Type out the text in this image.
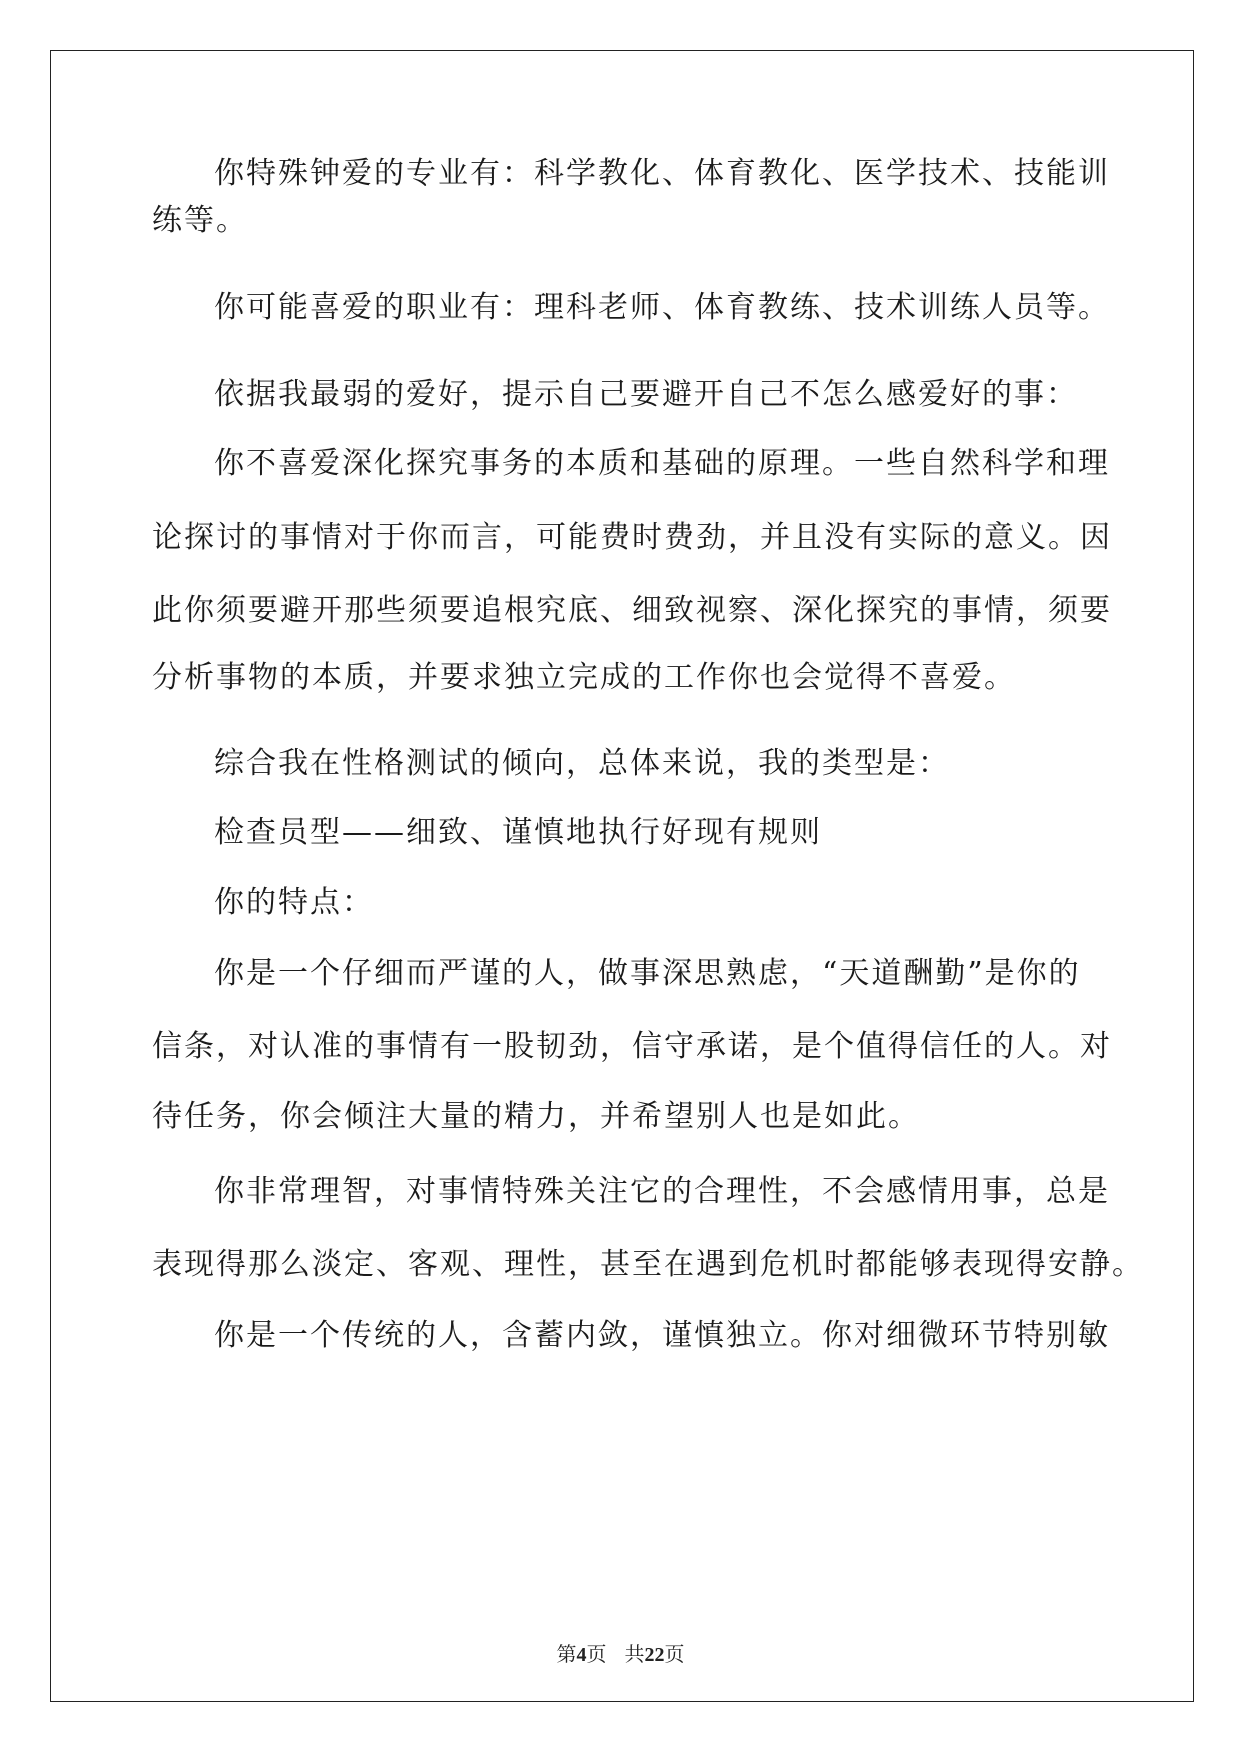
你特殊钟爱的专业有：科学教化、体育教化、医学技术、技能训
练等。
你可能喜爱的职业有：理科老师、体育教练、技术训练人员等。
依据我最弱的爱好，提示自己要避开自己不怎么感爱好的事：
你不喜爱深化探究事务的本质和基础的原理。一些自然科学和理
论探讨的事情对于你而言，可能费时费劲，并且没有实际的意义。因
此你须要避开那些须要追根究底、细致视察、深化探究的事情，须要
分析事物的本质，并要求独立完成的工作你也会觉得不喜爱。
综合我在性格测试的倾向，总体来说，我的类型是：
检查员型——细致、谨慎地执行好现有规则
你的特点：
你是一个仔细而严谨的人，做事深思熟虑，“天道酬勤”是你的
信条，对认准的事情有一股韧劲，信守承诺，是个值得信任的人。对
待任务，你会倾注大量的精力，并希望别人也是如此。
你非常理智，对事情特殊关注它的合理性，不会感情用事，总是
表现得那么淡定、客观、理性，甚至在遇到危机时都能够表现得安静。
你是一个传统的人，含蓄内敛，谨慎独立。你对细微环节特别敏
第4页 共22页
